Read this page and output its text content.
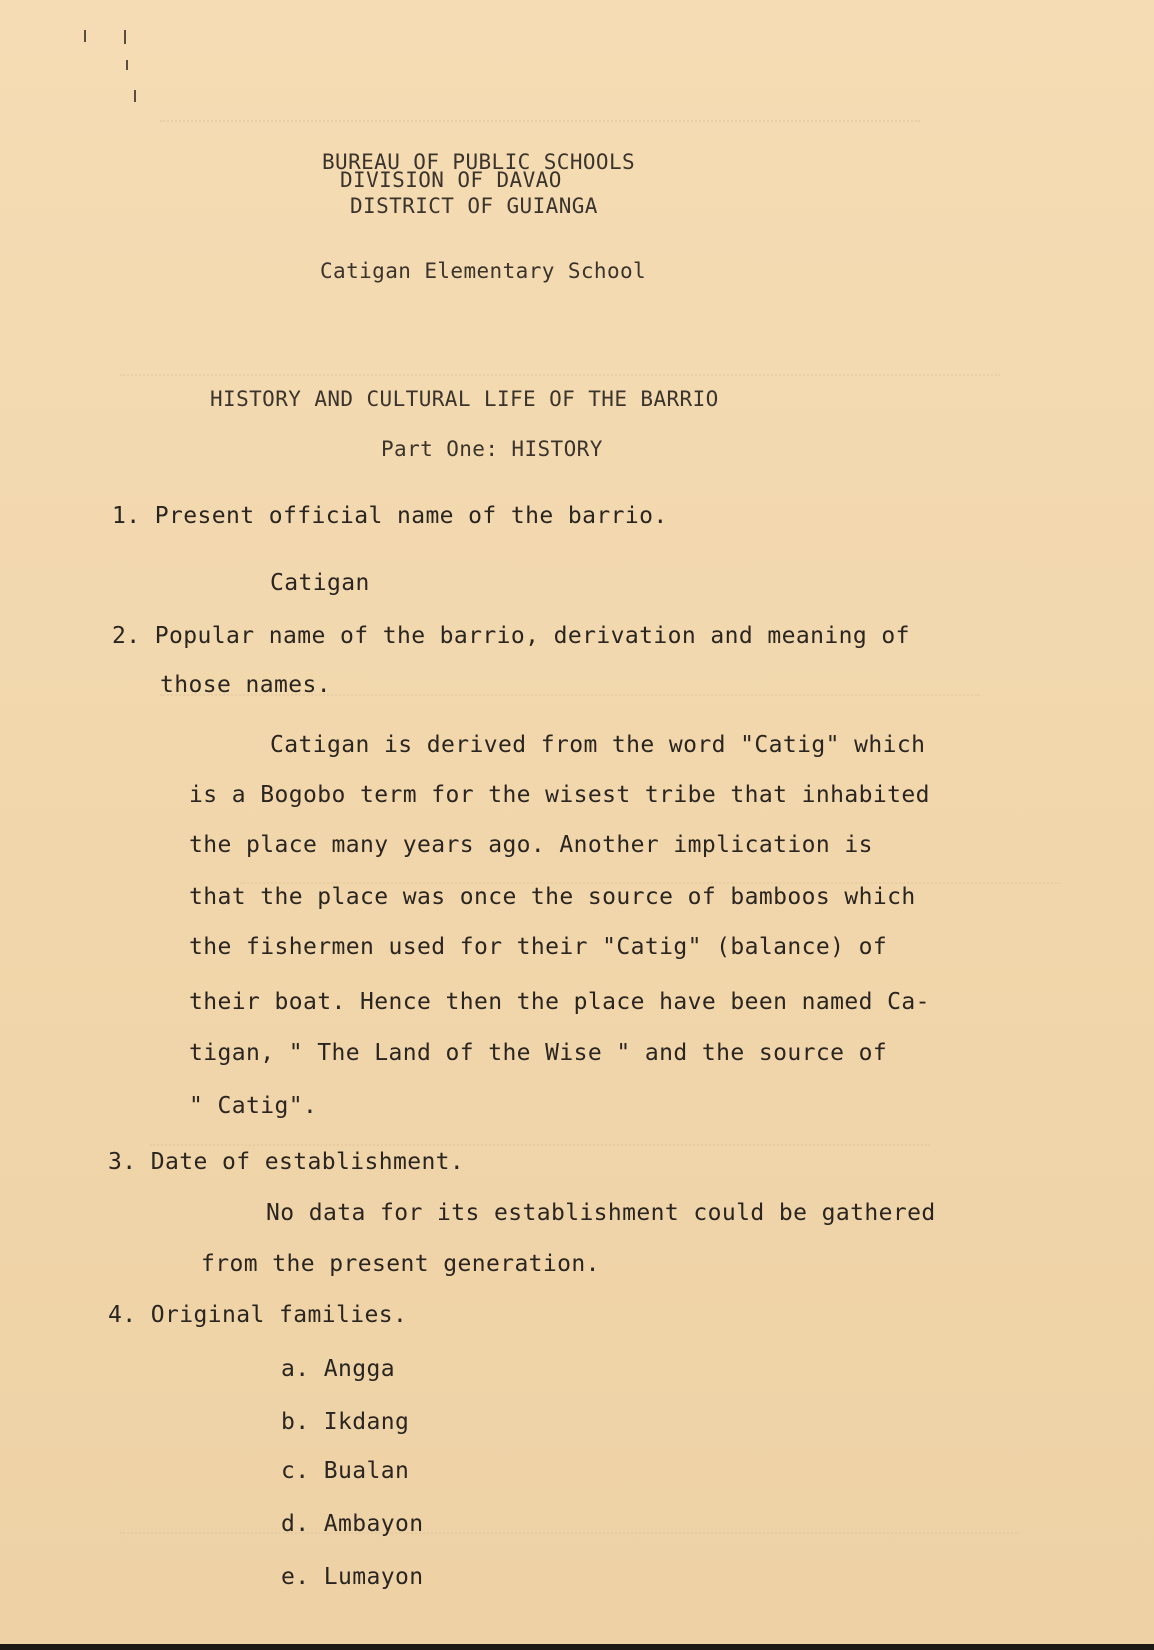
BUREAU OF PUBLIC SCHOOLS
DIVISION OF DAVAO
DISTRICT OF GUIANGA
Catigan Elementary School
HISTORY AND CULTURAL LIFE OF THE BARRIO
Part One: HISTORY
1. Present official name of the barrio.
Catigan
2. Popular name of the barrio, derivation and meaning of
those names.
Catigan is derived from the word "Catig" which
is a Bogobo term for the wisest tribe that inhabited
the place many years ago. Another implication is
that the place was once the source of bamboos which
the fishermen used for their "Catig" (balance) of
their boat. Hence then the place have been named Ca-
tigan, " The Land of the Wise " and the source of
" Catig".
3. Date of establishment.
No data for its establishment could be gathered
from the present generation.
4. Original families.
a. Angga
b. Ikdang
c. Bualan
d. Ambayon
e. Lumayon
